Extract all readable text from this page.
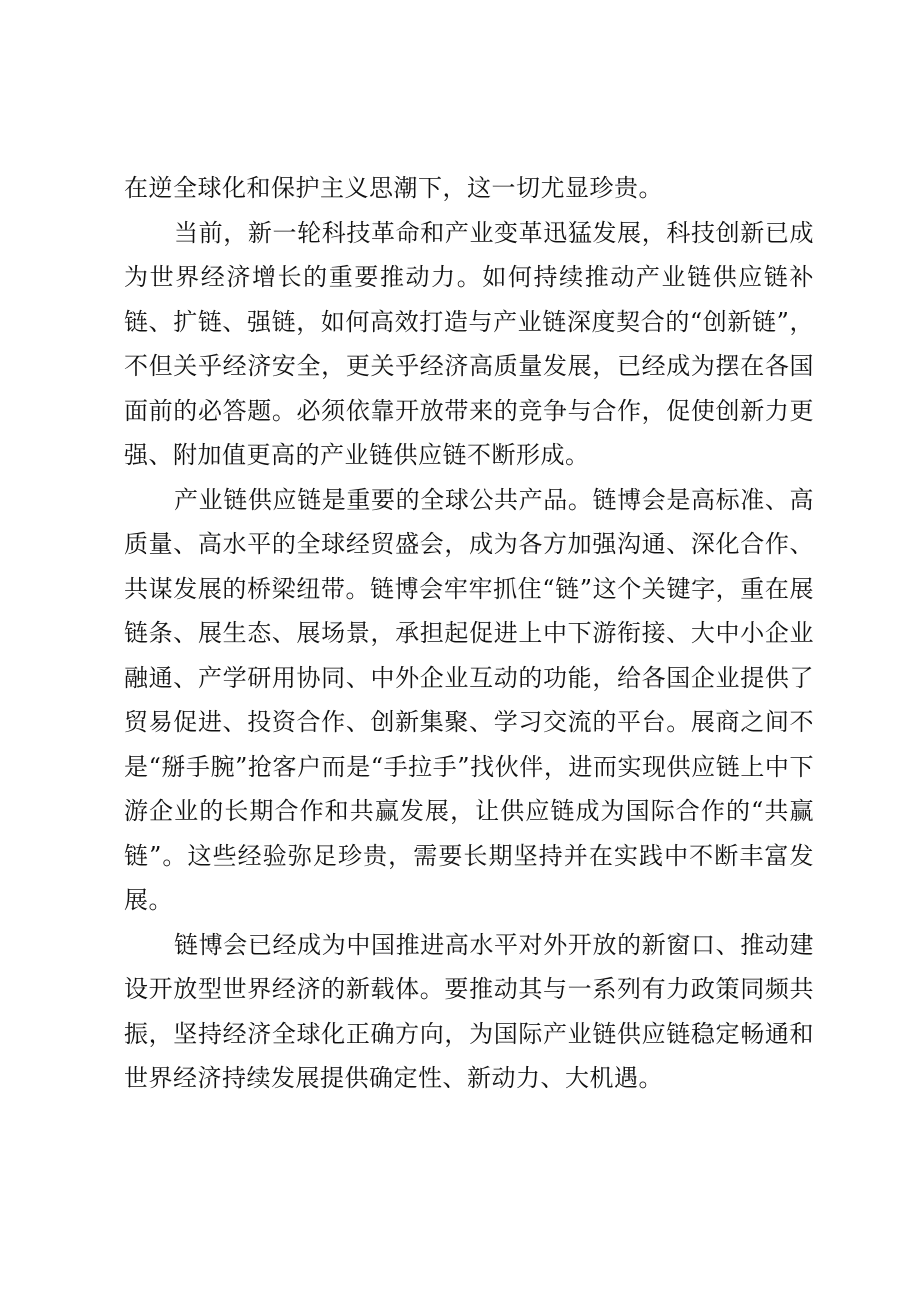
在逆全球化和保护主义思潮下，这一切尤显珍贵。

当前，新一轮科技革命和产业变革迅猛发展，科技创新已成为世界经济增长的重要推动力。如何持续推动产业链供应链补链、扩链、强链，如何高效打造与产业链深度契合的“创新链”，不但关乎经济安全，更关乎经济高质量发展，已经成为摆在各国面前的必答题。必须依靠开放带来的竞争与合作，促使创新力更强、附加值更高的产业链供应链不断形成。

产业链供应链是重要的全球公共产品。链博会是高标准、高质量、高水平的全球经贸盛会，成为各方加强沟通、深化合作、共谋发展的桥梁纽带。链博会牢牢抓住“链”这个关键字，重在展链条、展生态、展场景，承担起促进上中下游衔接、大中小企业融通、产学研用协同、中外企业互动的功能，给各国企业提供了贸易促进、投资合作、创新集聚、学习交流的平台。展商之间不是“掰手腕”抢客户而是“手拉手”找伙伴，进而实现供应链上中下游企业的长期合作和共赢发展，让供应链成为国际合作的“共赢链”。这些经验弥足珍贵，需要长期坚持并在实践中不断丰富发展。

链博会已经成为中国推进高水平对外开放的新窗口、推动建设开放型世界经济的新载体。要推动其与一系列有力政策同频共振，坚持经济全球化正确方向，为国际产业链供应链稳定畅通和世界经济持续发展提供确定性、新动力、大机遇。
